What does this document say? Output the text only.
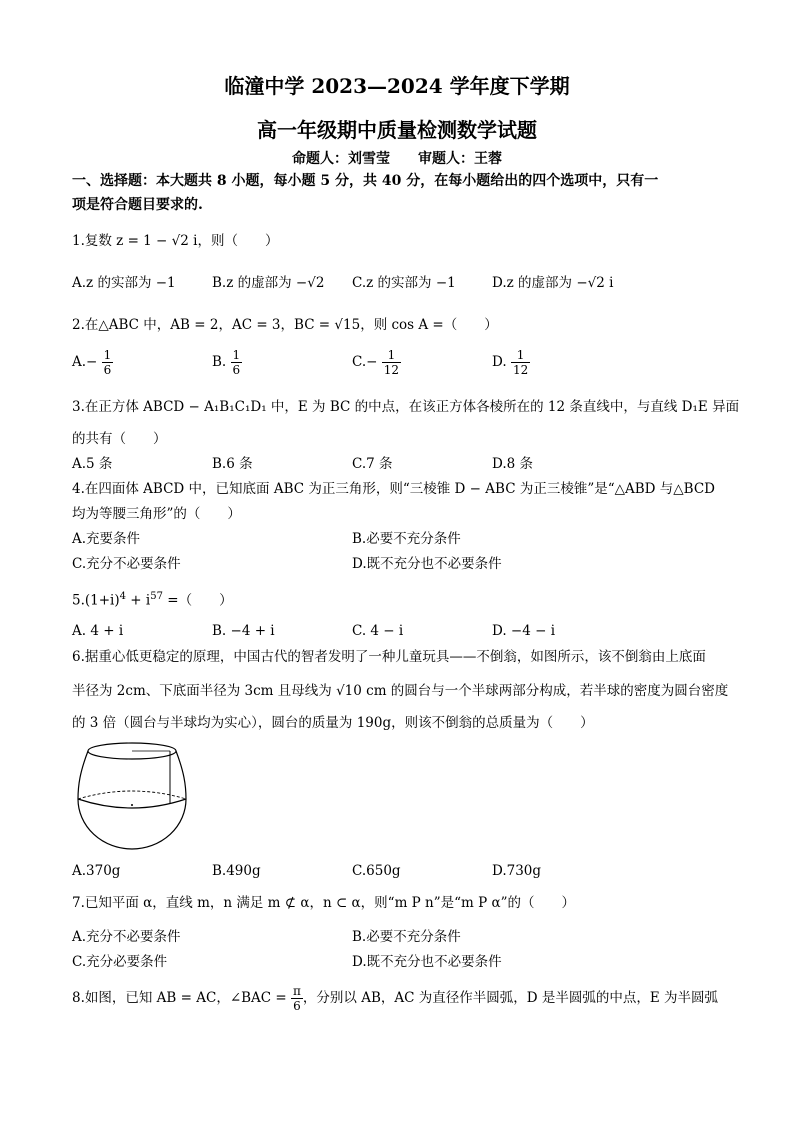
临潼中学 2023—2024 学年度下学期
高一年级期中质量检测数学试题
命题人：刘雪莹　　审题人：王蓉
一、选择题：本大题共 8 小题，每小题 5 分，共 40 分，在每小题给出的四个选项中，只有一
项是符合题目要求的.
1.复数 z = 1 − √2 i，则（　　）
A.z 的实部为 −1	B.z 的虚部为 −√2 C.z 的实部为 −1	D.z 的虚部为 −√2 i
2.在△ABC 中，AB = 2，AC = 3，BC = √15，则 cos A =（　　）
$A.- \frac{1}{6}$	B. $\frac{1}{6}$	$C.- \frac{1}{12}$	D. $\frac{1}{12}$
3.在正方体 ABCD − A₁B₁C₁D₁ 中，E 为 BC 的中点，在该正方体各棱所在的 12 条直线中，与直线 D₁E 异面
的共有（　　）
A.5 条	B.6 条	C.7 条	D.8 条
4.在四面体 ABCD 中，已知底面 ABC 为正三角形，则“三棱锥 D − ABC 为正三棱锥”是“△ABD 与△BCD
均为等腰三角形”的（　　）
A.充要条件	B.必要不充分条件
C.充分不必要条件	D.既不充分也不必要条件
$5.(1+i)^4 + i^{57}$ =（　　）
A. 4 + i	B. −4 + i	C. 4 − i	D. −4 − i
6.据重心低更稳定的原理，中国古代的智者发明了一种儿童玩具——不倒翁，如图所示，该不倒翁由上底面
半径为 2cm、下底面半径为 3cm 且母线为 √10 cm 的圆台与一个半球两部分构成，若半球的密度为圆台密度
的 3 倍（圆台与半球均为实心），圆台的质量为 190g，则该不倒翁的总质量为（　　）
A.370g	B.490g	C.650g	D.730g
7.已知平面 α，直线 m，n 满足 m ⊄ α，n ⊂ α，则“m P n”是“m P α”的（　　）
A.充分不必要条件	B.必要不充分条件
C.充分必要条件	D.既不充分也不必要条件
8.如图，已知 AB = AC，∠BAC = $\frac{\pi}{6}$ ，分别以 AB，AC 为直径作半圆弧，D 是半圆弧的中点，E 为半圆弧
